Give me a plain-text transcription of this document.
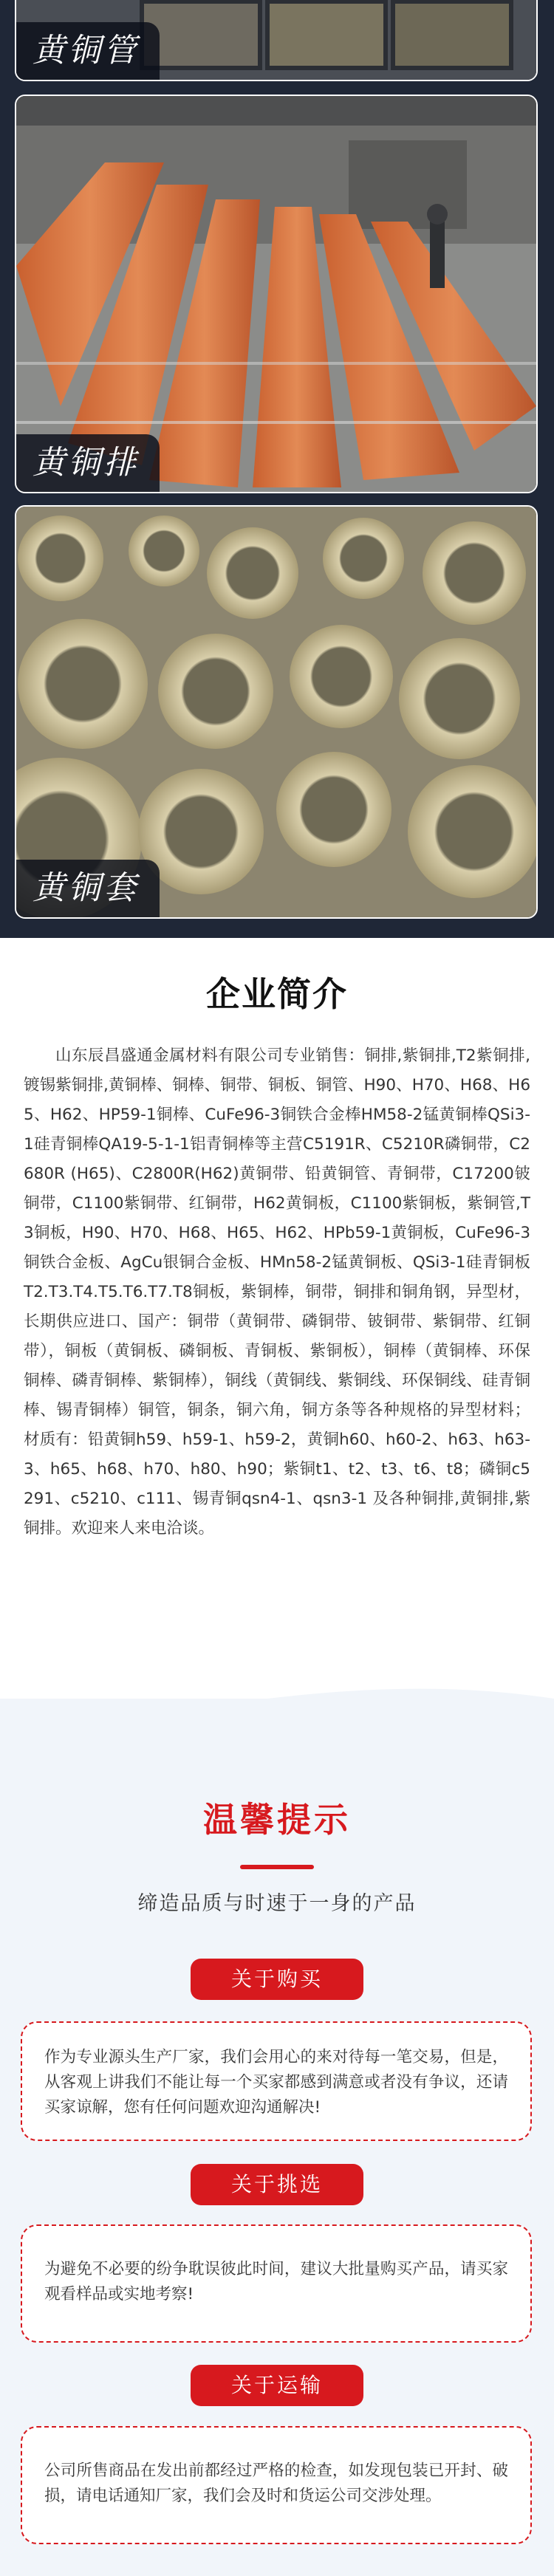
黄铜管
黄铜排
黄铜套
企业简介
山东辰昌盛通金属材料有限公司专业销售：铜排,紫铜排,T2紫铜排,镀锡紫铜排,黄铜棒、铜棒、铜带、铜板、铜管、H90、H70、H68、H65、H62、HP59-1铜棒、CuFe96-3铜铁合金棒HM58-2锰黄铜棒QSi3-1硅青铜棒QA19-5-1-1铝青铜棒等主营C5191R、C5210R磷铜带，C2680R (H65)、C2800R(H62)黄铜带、铅黄铜管、青铜带，C17200铍铜带，C1100紫铜带、红铜带，H62黄铜板，C1100紫铜板，紫铜管,T3铜板，H90、H70、H68、H65、H62、HPb59-1黄铜板，CuFe96-3铜铁合金板、AgCu银铜合金板、HMn58-2锰黄铜板、QSi3-1硅青铜板T2.T3.T4.T5.T6.T7.T8铜板，紫铜棒，铜带，铜排和铜角钢，异型材，长期供应进口、国产：铜带（黄铜带、磷铜带、铍铜带、紫铜带、红铜带），铜板（黄铜板、磷铜板、青铜板、紫铜板），铜棒（黄铜棒、环保铜棒、磷青铜棒、紫铜棒），铜线（黄铜线、紫铜线、环保铜线、硅青铜棒、锡青铜棒）铜管，铜条，铜六角，铜方条等各种规格的异型材料；材质有：铅黄铜h59、h59-1、h59-2，黄铜h60、h60-2、h63、h63-3、h65、h68、h70、h80、h90；紫铜t1、t2、t3、t6、t8；磷铜c5291、c5210、c111、锡青铜qsn4-1、qsn3-1 及各种铜排,黄铜排,紫铜排。欢迎来人来电洽谈。
温馨提示
缔造品质与时速于一身的产品
关于购买
作为专业源头生产厂家，我们会用心的来对待每一笔交易，但是，从客观上讲我们不能让每一个买家都感到满意或者没有争议，还请买家谅解，您有任何问题欢迎沟通解决!
关于挑选
为避免不必要的纷争耽误彼此时间，建议大批量购买产品，请买家观看样品或实地考察!
关于运输
公司所售商品在发出前都经过严格的检查，如发现包装已开封、破损，请电话通知厂家，我们会及时和货运公司交涉处理。
